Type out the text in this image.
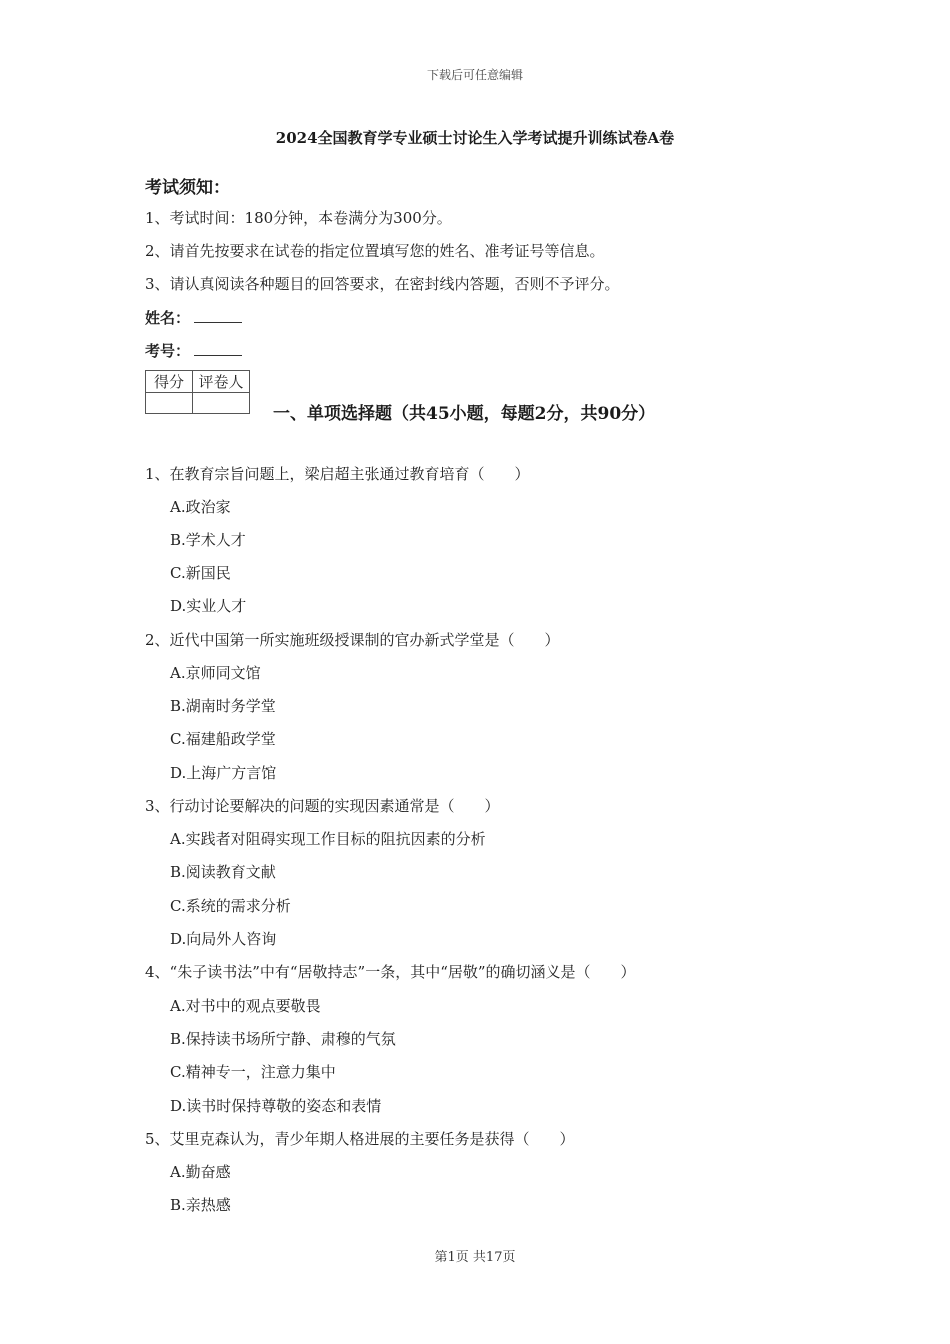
下载后可任意编辑
2024全国教育学专业硕士讨论生入学考试提升训练试卷A卷
考试须知：
1、考试时间：180分钟，本卷满分为300分。
2、请首先按要求在试卷的指定位置填写您的姓名、准考证号等信息。
3、请认真阅读各种题目的回答要求，在密封线内答题，否则不予评分。
姓名：
考号：
得分	评卷人

一、单项选择题（共45小题，每题2分，共90分）
1、在教育宗旨问题上，梁启超主张通过教育培育（　　）
A.政治家
B.学术人才
C.新国民
D.实业人才
2、近代中国第一所实施班级授课制的官办新式学堂是（　　）
A.京师同文馆
B.湖南时务学堂
C.福建船政学堂
D.上海广方言馆
3、行动讨论要解决的问题的实现因素通常是（　　）
A.实践者对阻碍实现工作目标的阻抗因素的分析
B.阅读教育文献
C.系统的需求分析
D.向局外人咨询
4、“朱子读书法”中有“居敬持志”一条，其中“居敬”的确切涵义是（　　）
A.对书中的观点要敬畏
B.保持读书场所宁静、肃穆的气氛
C.精神专一，注意力集中
D.读书时保持尊敬的姿态和表情
5、艾里克森认为，青少年期人格进展的主要任务是获得（　　）
A.勤奋感
B.亲热感
第1页 共17页
